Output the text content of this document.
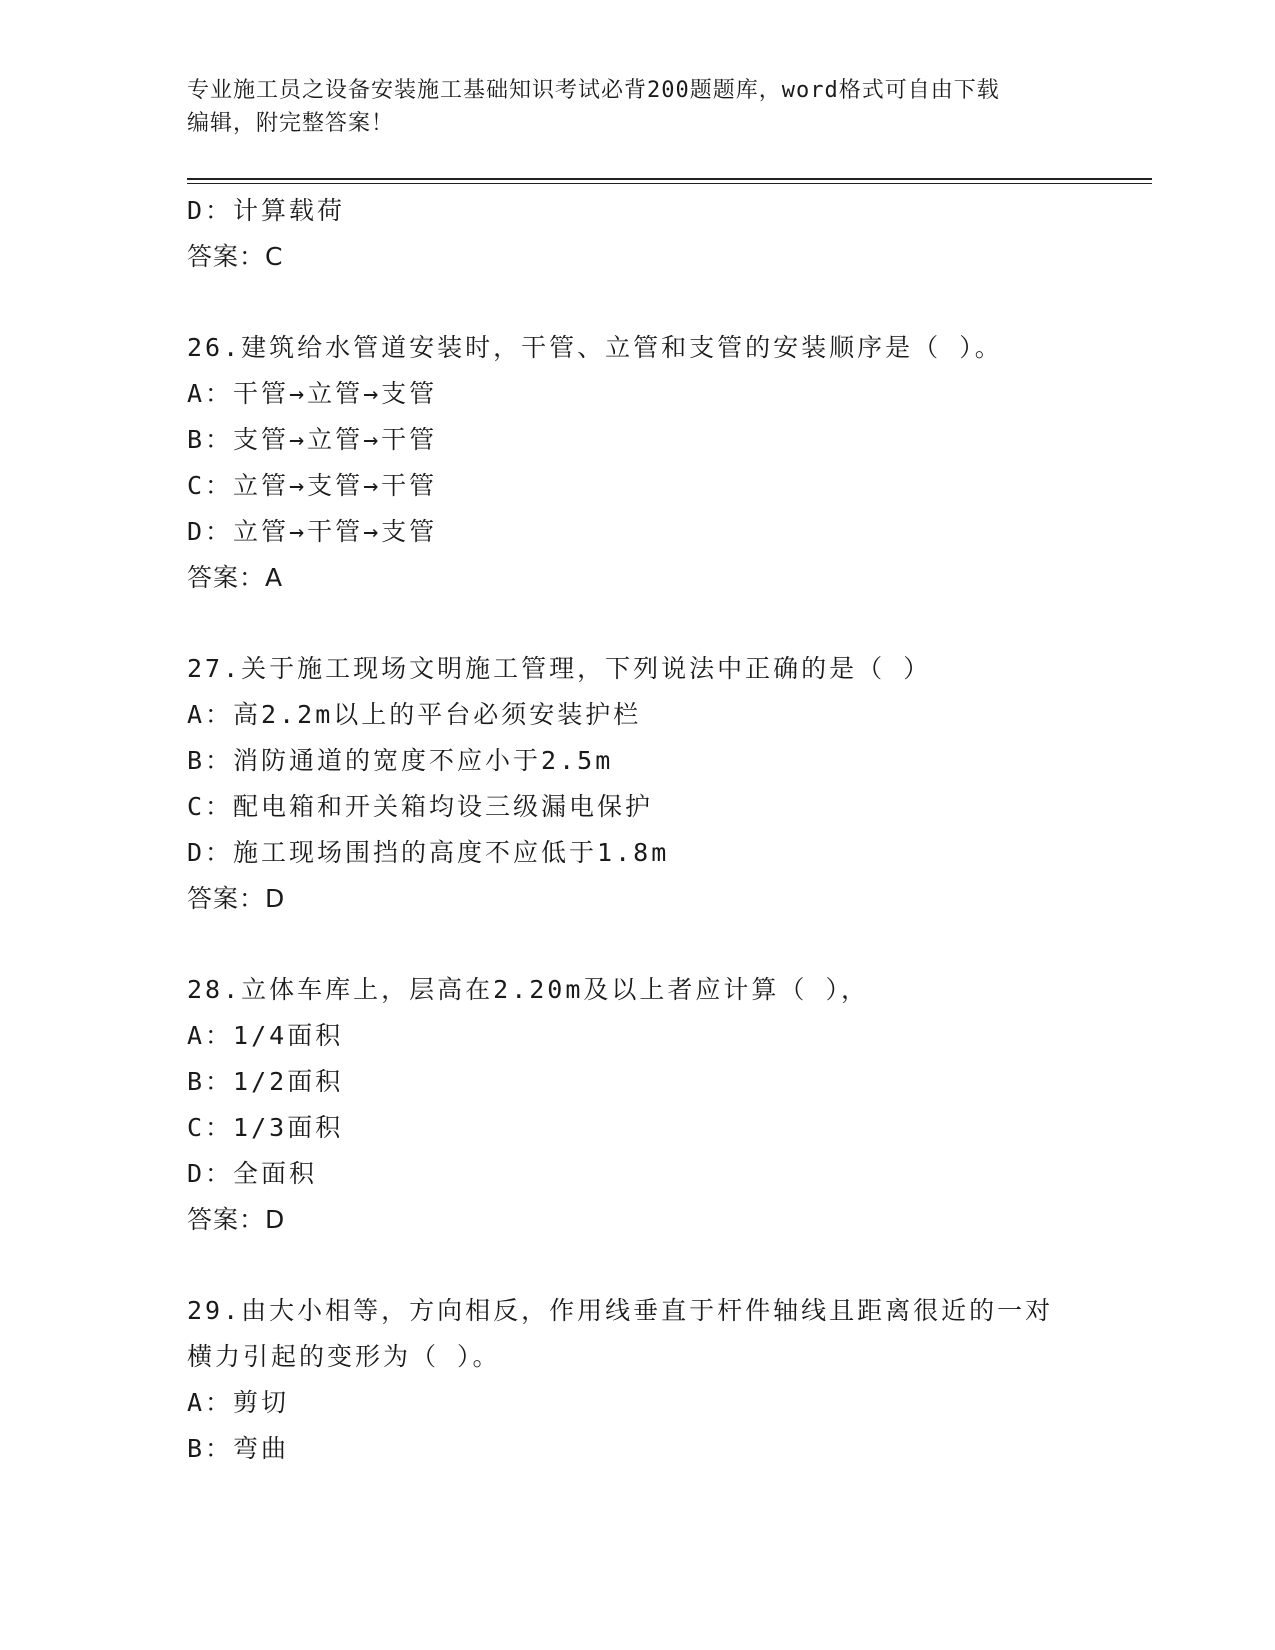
专业施工员之设备安装施工基础知识考试必背200题题库，word格式可自由下载
编辑，附完整答案！
D：计算载荷
答案：C
26.建筑给水管道安装时，干管、立管和支管的安装顺序是（ ）。
A：干管→立管→支管
B：支管→立管→干管
C：立管→支管→干管
D：立管→干管→支管
答案：A
27.关于施工现场文明施工管理，下列说法中正确的是（ ）
A：高2.2m以上的平台必须安装护栏
B：消防通道的宽度不应小于2.5m
C：配电箱和开关箱均设三级漏电保护
D：施工现场围挡的高度不应低于1.8m
答案：D
28.立体车库上，层高在2.20m及以上者应计算（ ），
A：1/4面积
B：1/2面积
C：1/3面积
D：全面积
答案：D
29.由大小相等，方向相反，作用线垂直于杆件轴线且距离很近的一对
横力引起的变形为（ ）。
A：剪切
B：弯曲
